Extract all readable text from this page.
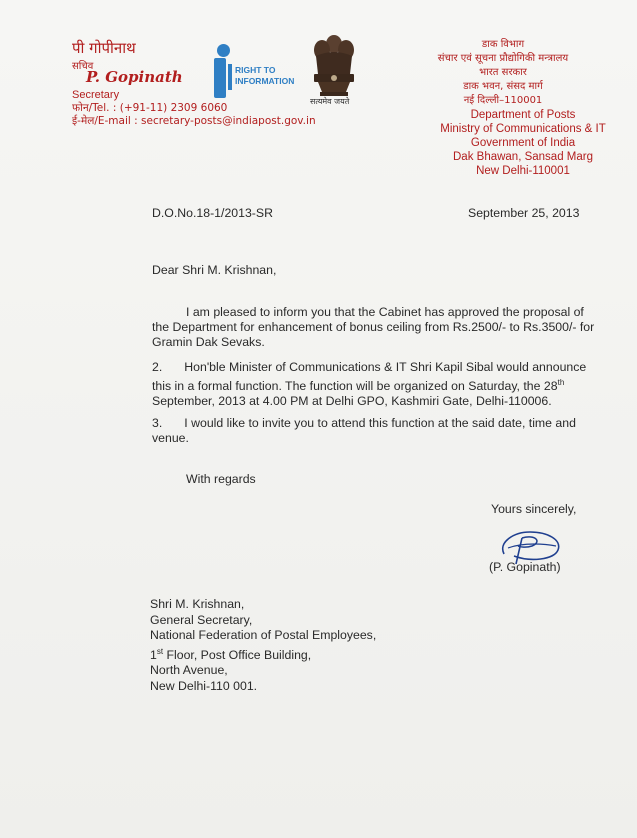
पी गोपीनाथ
सचिव
P. Gopinath
Secretary
फोन/Tel. : (+91-11) 2309 6060
ई-मेल/E-mail : secretary-posts@indiapost.gov.in
RIGHT TO
INFORMATION
सत्यमेव जयते
डाक विभाग
संचार एवं सूचना प्रौद्योगिकी मन्त्रालय
भारत सरकार
डाक भवन, संसद मार्ग
नई दिल्ली–110001
Department of Posts
Ministry of Communications & IT
Government of India
Dak Bhawan, Sansad Marg
New Delhi-110001
D.O.No.18-1/2013-SR	September 25, 2013
Dear Shri M. Krishnan,
I am pleased to inform you that the Cabinet has approved the proposal of the Department for enhancement of bonus ceiling from Rs.2500/- to Rs.3500/- for Gramin Dak Sevaks.
2. Hon'ble Minister of Communications & IT Shri Kapil Sibal would announce this in a formal function. The function will be organized on Saturday, the 28th September, 2013 at 4.00 PM at Delhi GPO, Kashmiri Gate, Delhi-110006.
3. I would like to invite you to attend this function at the said date, time and venue.
With regards
Yours sincerely,
(P. Gopinath)
Shri M. Krishnan,
General Secretary,
National Federation of Postal Employees,
1st Floor, Post Office Building,
North Avenue,
New Delhi-110 001.
